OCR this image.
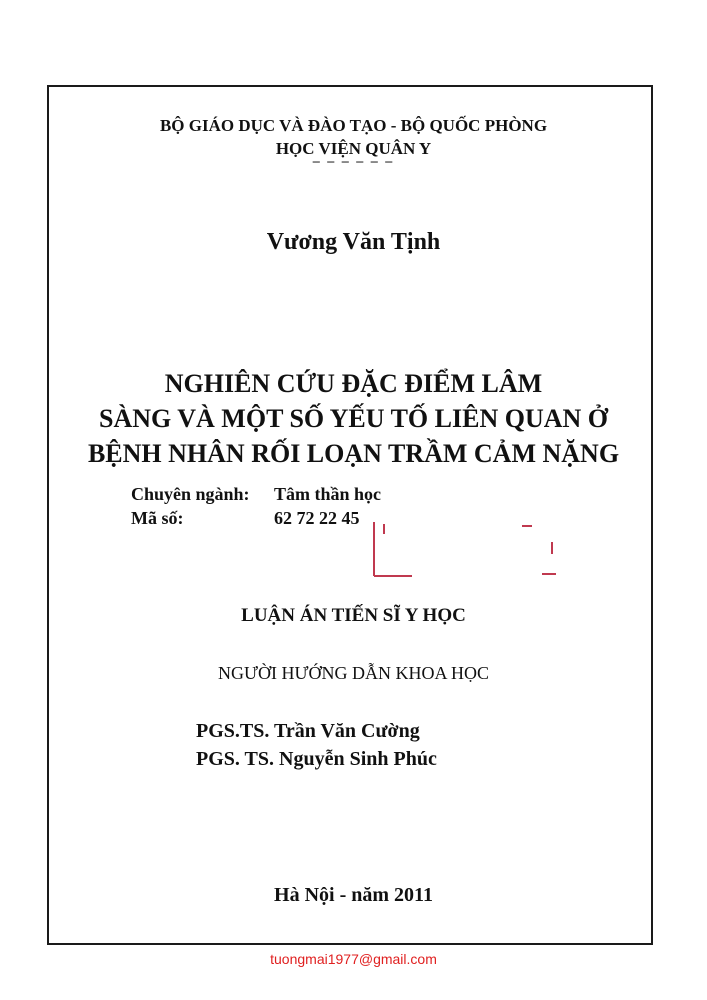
BỘ GIÁO DỤC VÀ ĐÀO TẠO - BỘ QUỐC PHÒNG
HỌC VIỆN QUÂN Y
– – – – – –
Vương Văn Tịnh
NGHIÊN CỨU ĐẶC ĐIỂM LÂM
SÀNG VÀ MỘT SỐ YẾU TỐ LIÊN QUAN Ở
BỆNH NHÂN RỐI LOẠN TRẦM CẢM NẶNG
Chuyên ngành: Tâm thần học
Mã số:	62 72 22 45
LUẬN ÁN TIẾN SĨ Y HỌC
NGƯỜI HƯỚNG DẪN KHOA HỌC
PGS.TS. Trần Văn Cường
PGS. TS. Nguyễn Sinh Phúc
Hà Nội - năm 2011
tuongmai1977@gmail.com
